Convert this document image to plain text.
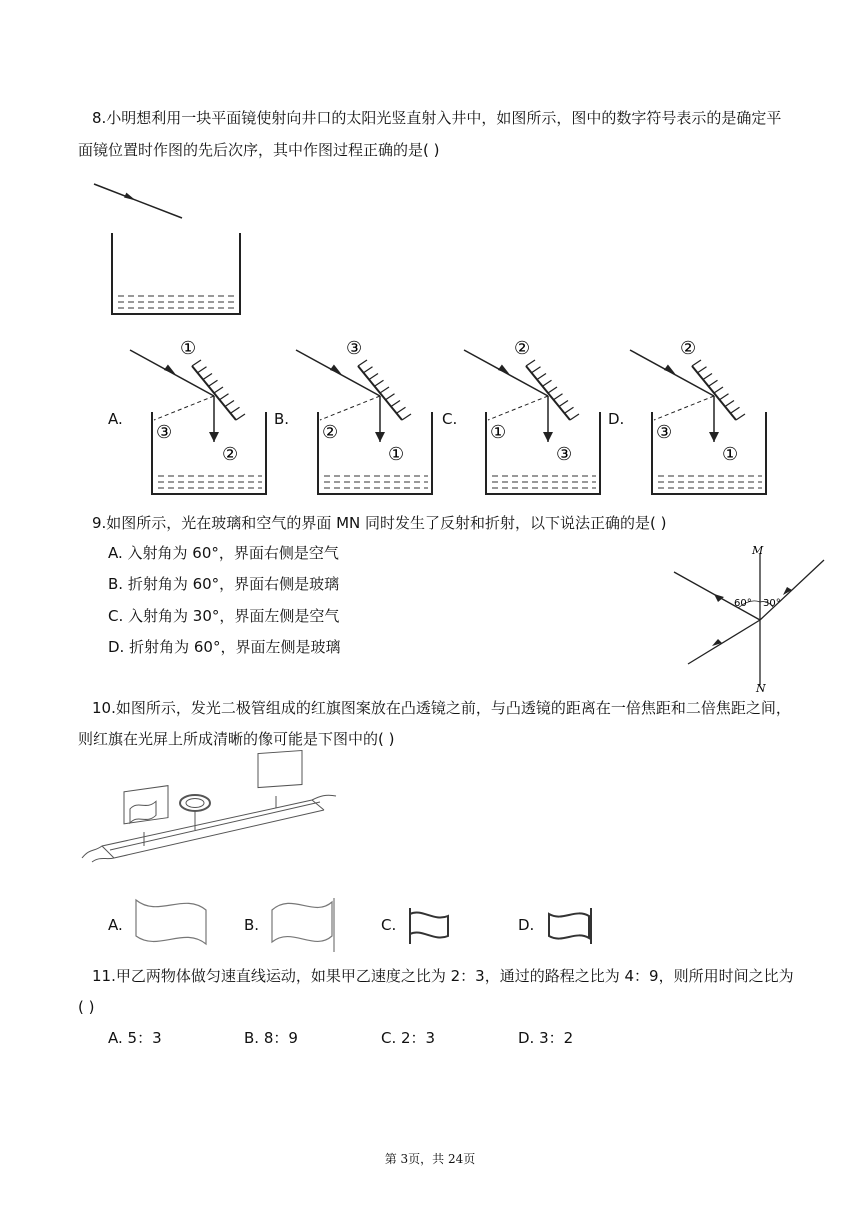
8.小明想利用一块平面镜使射向井口的太阳光竖直射入井中，如图所示，图中的数字符号表示的是确定平
面镜位置时作图的先后次序，其中作图过程正确的是( )
A.
①
③
②
B.
③
②
①
C.
②
①
③
D.
②
③
①
9.如图所示，光在玻璃和空气的界面 MN 同时发生了反射和折射，以下说法正确的是( )
A. 入射角为 60°，界面右侧是空气
B. 折射角为 60°，界面右侧是玻璃
C. 入射角为 30°，界面左侧是空气
D. 折射角为 60°，界面左侧是玻璃
M
N
60° 30°
10.如图所示，发光二极管组成的红旗图案放在凸透镜之前，与凸透镜的距离在一倍焦距和二倍焦距之间，
则红旗在光屏上所成清晰的像可能是下图中的( )
A.	B.	C.	D.
11.甲乙两物体做匀速直线运动，如果甲乙速度之比为 2：3，通过的路程之比为 4：9，则所用时间之比为
( )
A. 5：3	B. 8：9	C. 2：3	D. 3：2
第 3页，共 24页
